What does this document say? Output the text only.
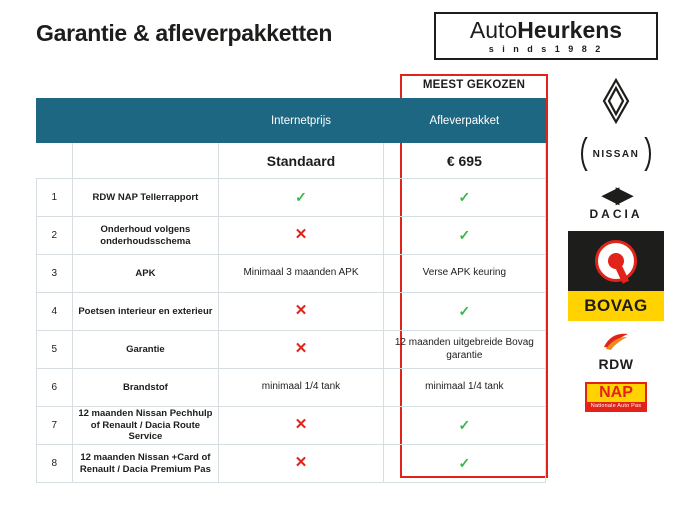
Garantie & afleverpakketten	AutoHeurkens
s i n d s 1 9 8 2
MEEST GEKOZEN
		Internetprijs	Afleverpakket
		Standaard	€ 695
1	RDW NAP Tellerrapport	✓	✓
2	Onderhoud volgens onderhoudsschema	✕	✓
3	APK	Minimaal 3 maanden APK	Verse APK keuring
4	Poetsen interieur en exterieur	✕	✓
5	Garantie	✕	12 maanden uitgebreide Bovag garantie
6	Brandstof	minimaal 1/4 tank	minimaal 1/4 tank
7	12 maanden Nissan Pechhulp of Renault / Dacia Route Service	✕	✓
8	12 maanden Nissan +Card of Renault / Dacia Premium Pas	✕	✓
NISSAN
◀▶
DACIA
BOVAG
RDW
NAP
Nationale Auto Pas
